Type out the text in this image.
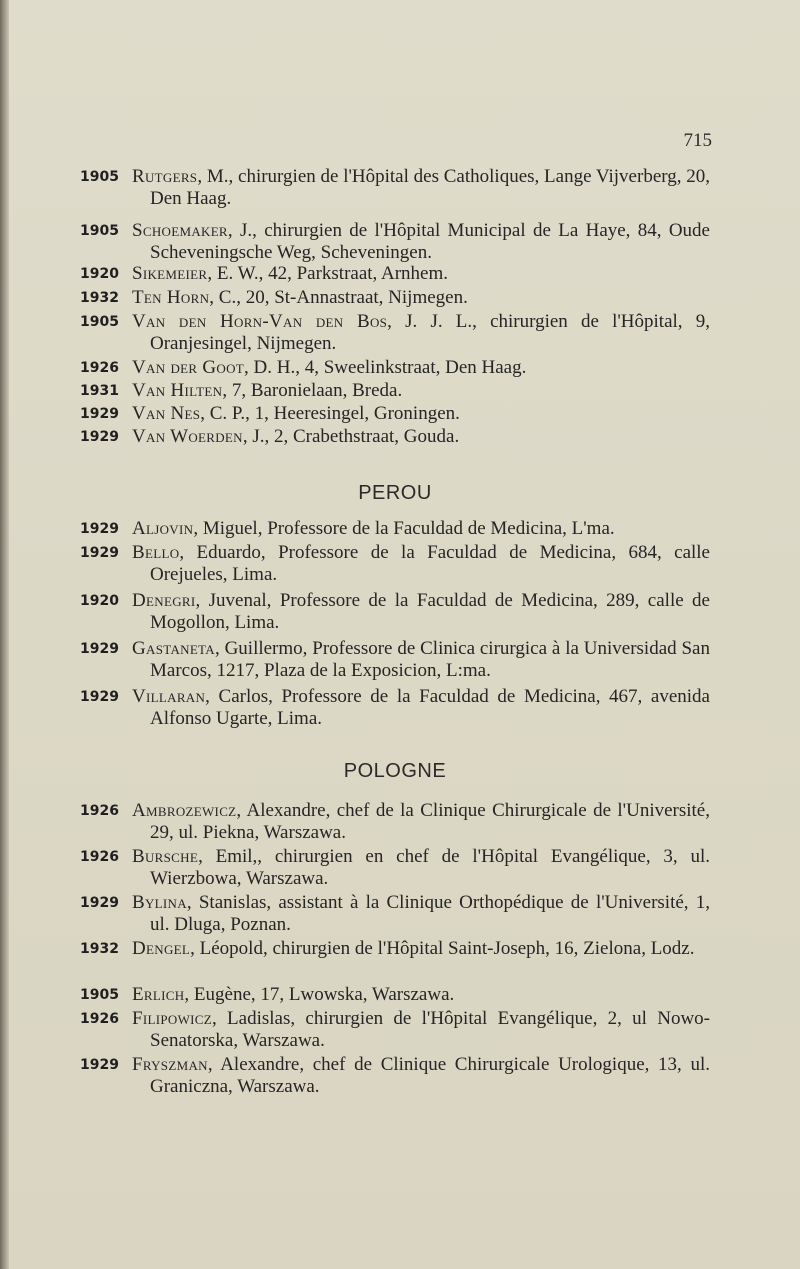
715
PEROU
POLOGNE
1905 Rutgers, M., chirurgien de l'Hôpital des Catholiques, Lange Vijverberg, 20, Den Haag.
1905 Schoemaker, J., chirurgien de l'Hôpital Municipal de La Haye, 84, Oude Scheveningsche Weg, Scheveningen.
1920 Sikemeier, E. W., 42, Parkstraat, Arnhem.
1932 Ten Horn, C., 20, St-Annastraat, Nijmegen.
1905 Van den Horn-Van den Bos, J. J. L., chirurgien de l'Hôpital, 9, Oranjesingel, Nijmegen.
1926 Van der Goot, D. H., 4, Sweelinkstraat, Den Haag.
1931 Van Hilten, 7, Baronielaan, Breda.
1929 Van Nes, C. P., 1, Heeresingel, Groningen.
1929 Van Woerden, J., 2, Crabethstraat, Gouda.
1929 Aljovin, Miguel, Professore de la Faculdad de Medicina, L'ma.
1929 Bello, Eduardo, Professore de la Faculdad de Medicina, 684, calle Orejueles, Lima.
1920 Denegri, Juvenal, Professore de la Faculdad de Medicina, 289, calle de Mogollon, Lima.
1929 Gastaneta, Guillermo, Professore de Clinica cirurgica à la Universidad San Marcos, 1217, Plaza de la Exposicion, L:ma.
1929 Villaran, Carlos, Professore de la Faculdad de Medicina, 467, avenida Alfonso Ugarte, Lima.
1926 Ambrozewicz, Alexandre, chef de la Clinique Chirurgicale de l'Université, 29, ul. Piekna, Warszawa.
1926 Bursche, Emil,, chirurgien en chef de l'Hôpital Evangélique, 3, ul. Wierzbowa, Warszawa.
1929 Bylina, Stanislas, assistant à la Clinique Orthopédique de l'Université, 1, ul. Dluga, Poznan.
1932 Dengel, Léopold, chirurgien de l'Hôpital Saint-Joseph, 16, Zielona, Lodz.
1905 Erlich, Eugène, 17, Lwowska, Warszawa.
1926 Filipowicz, Ladislas, chirurgien de l'Hôpital Evangélique, 2, ul Nowo-Senatorska, Warszawa.
1929 Fryszman, Alexandre, chef de Clinique Chirurgicale Urologique, 13, ul. Graniczna, Warszawa.
